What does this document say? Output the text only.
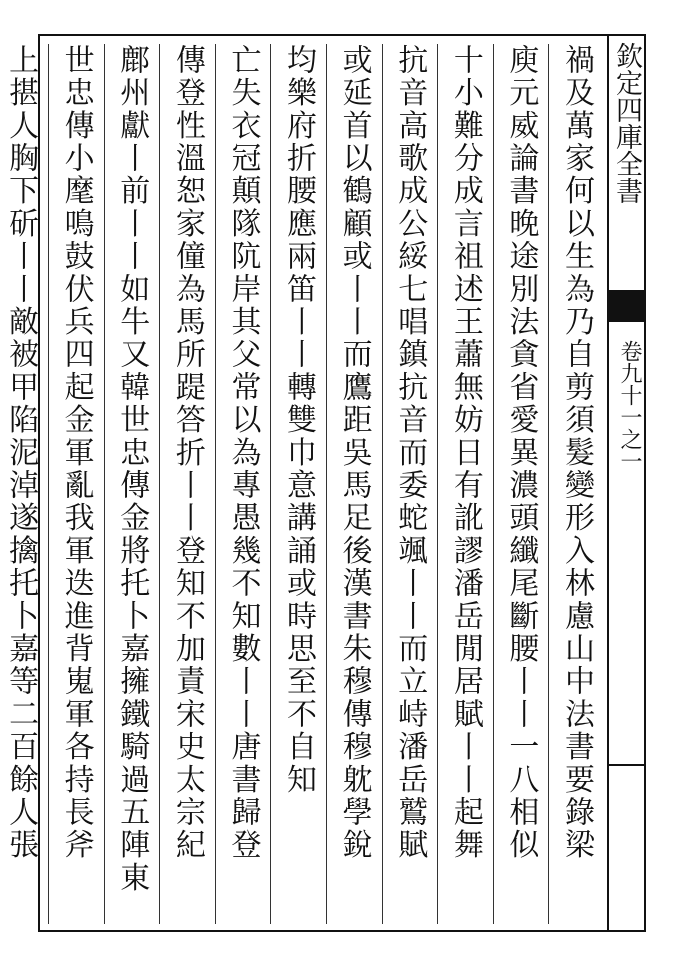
欽定四庫全書
卷九十一之一
禍及萬家何以生為乃自剪須髮變形入林慮山中法書要錄梁
庾元威論書晚途別法貪省愛異濃頭纖尾斷腰丨丨一八相似
十小難分成言祖述王蕭無妨日有訛謬潘岳閒居賦丨丨起舞
抗音高歌成公綏七唱鎮抗音而委蛇颯丨丨而立峙潘岳鷲賦
或延首以鶴顧或丨丨而鷹距吳馬足後漢書朱穆傳穆躭學銳
均樂府折腰應兩笛丨丨轉雙巾意講誦或時思至不自知
亡失衣冠顛隊阬岸其父常以為專愚幾不知數丨丨唐書歸登
傳登性溫恕家僮為馬所踶答折丨丨登知不加責宋史太宗紀
鄜州獻丨前丨丨如牛又韓世忠傳金將托卜嘉擁鐵騎過五陣東
世忠傳小麾鳴鼓伏兵四起金軍亂我軍迭進背嵬軍各持長斧
上揕人胸下斫丨丨敵被甲陷泥淖遂擒托卜嘉等二百餘人張
